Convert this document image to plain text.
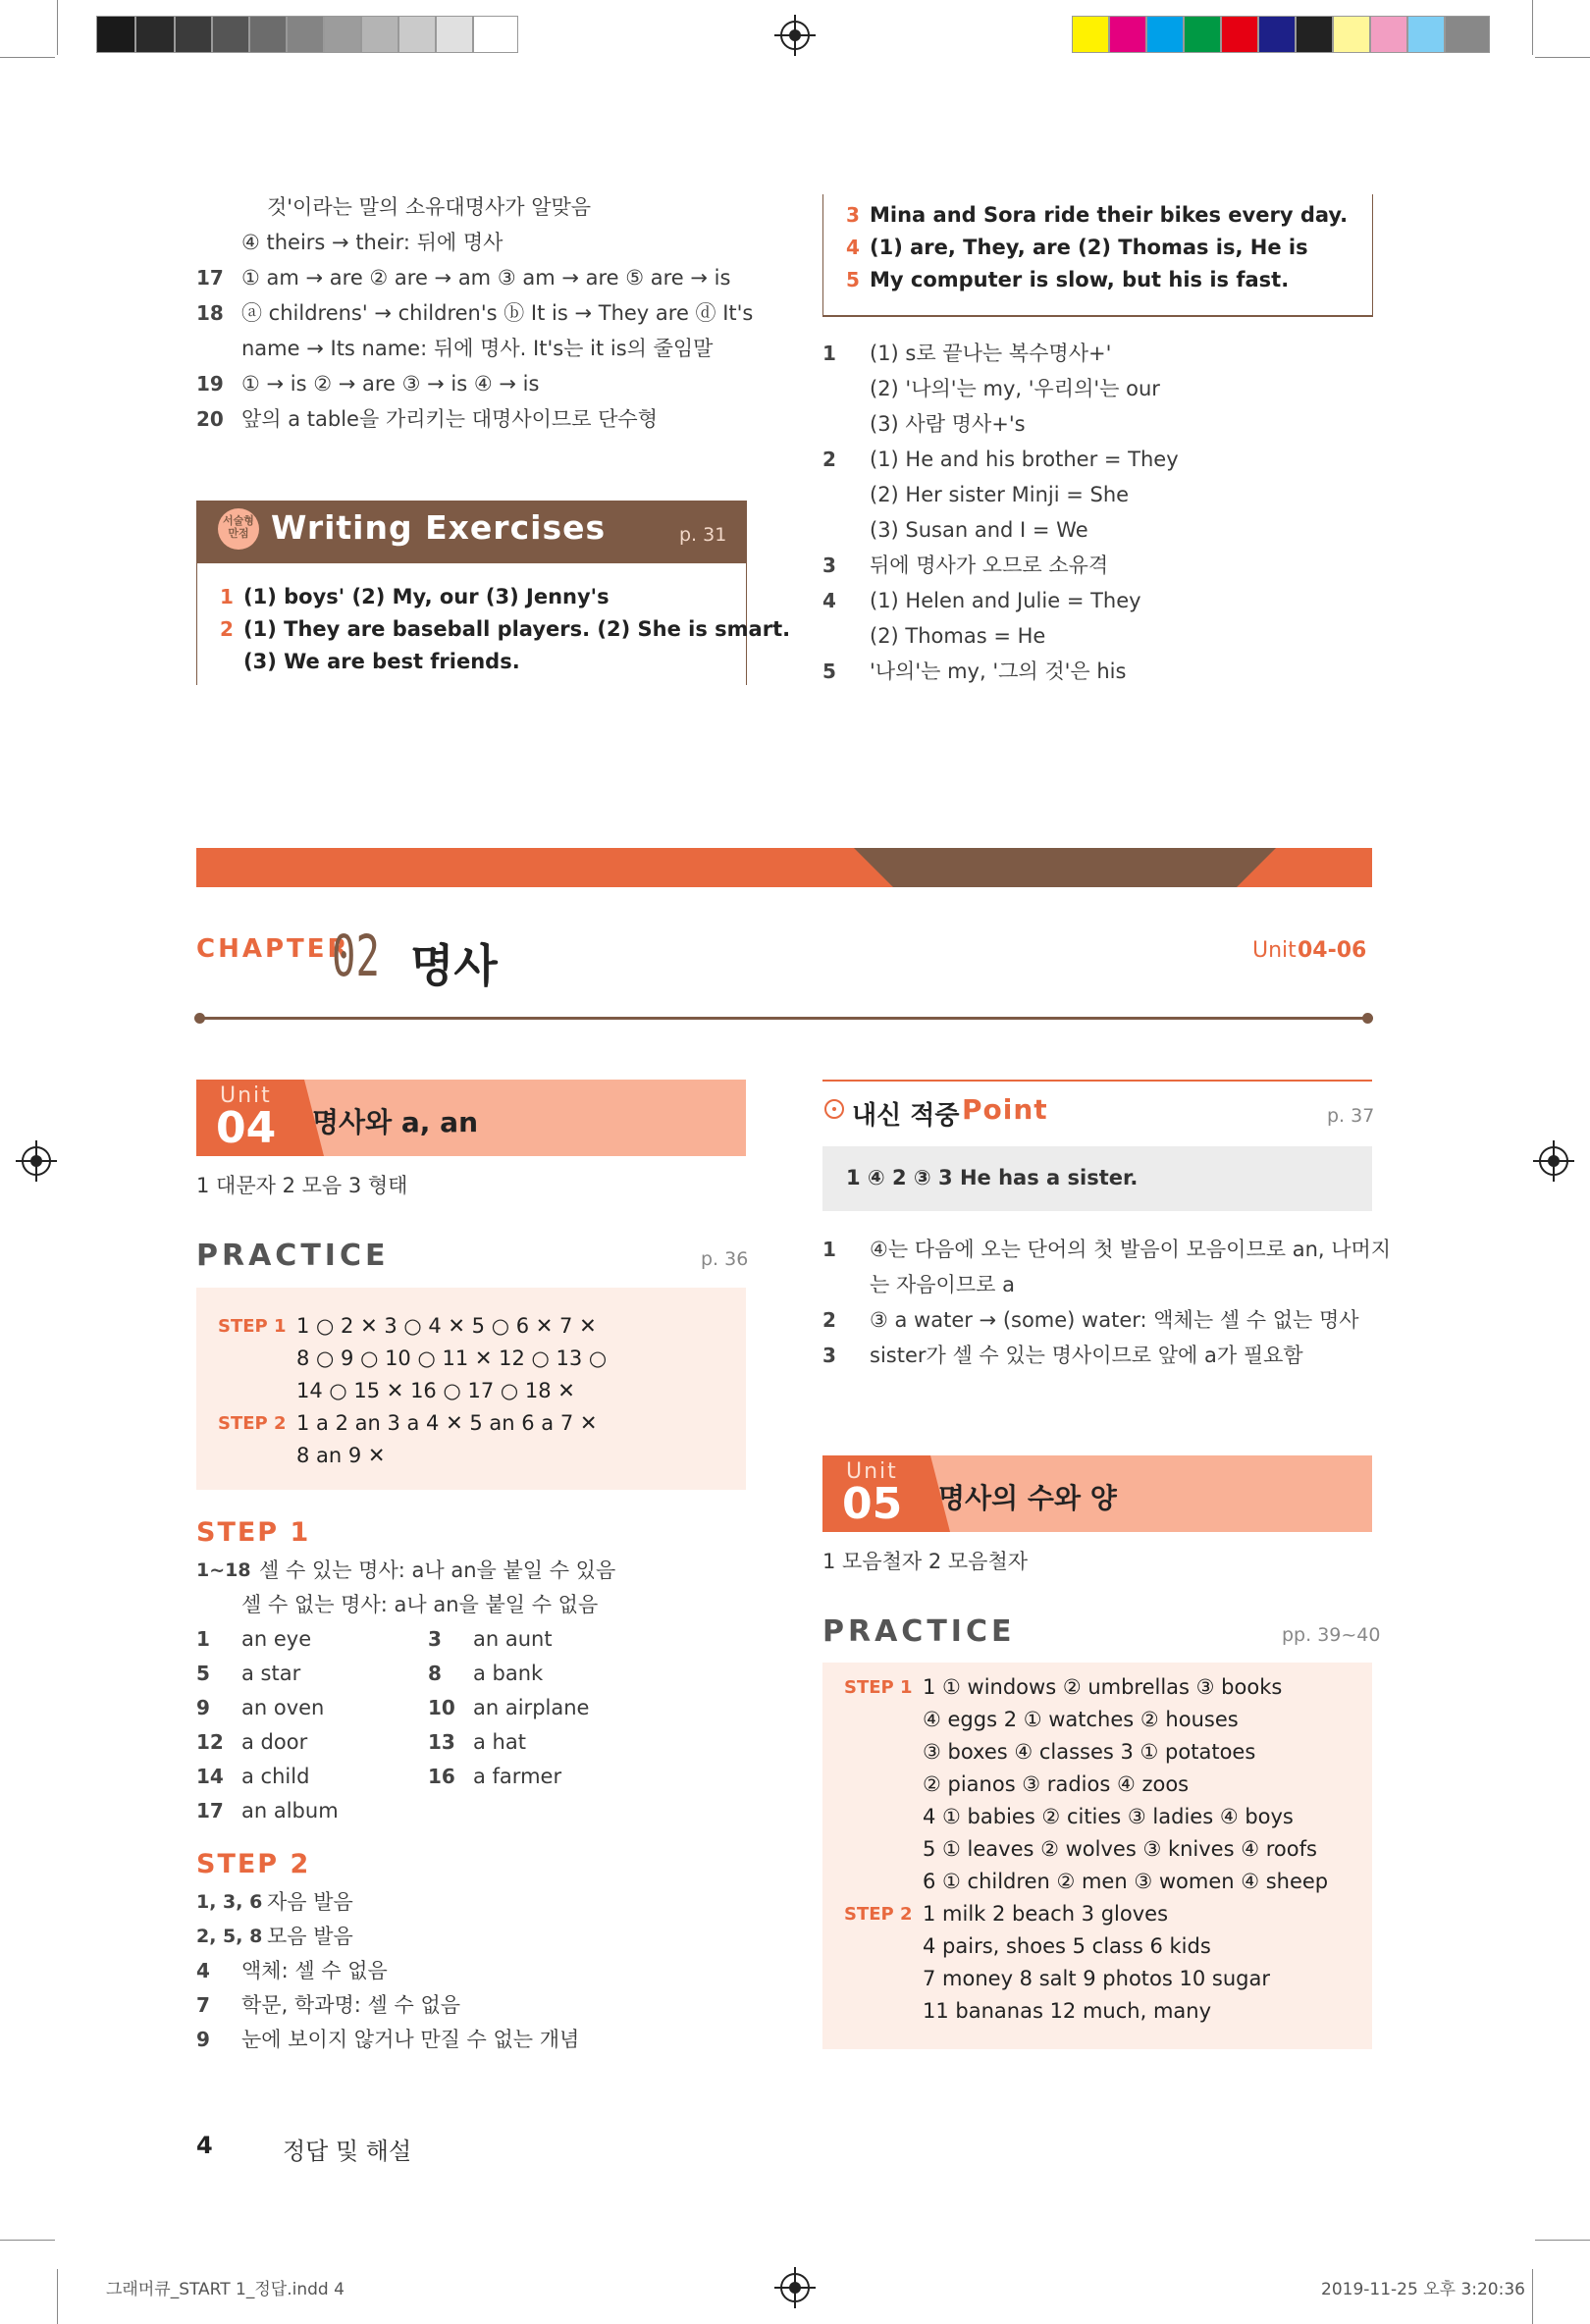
것'이라는 말의 소유대명사가 알맞음
④ theirs → their: 뒤에 명사
17 ① am → are ② are → am ③ am → are ⑤ are → is
18 ⓐ childrens' → children's ⓑ It is → They are ⓓ It's
name → Its name: 뒤에 명사. It's는 it is의 줄임말
19 ① → is ② → are ③ → is ④ → is
20 앞의 a table을 가리키는 대명사이므로 단수형
서술형 만점 Writing Exercises	p. 31
1 (1) boys' (2) My, our (3) Jenny's
2 (1) They are baseball players. (2) She is smart.
(3) We are best friends.
3 Mina and Sora ride their bikes every day.
4 (1) are, They, are (2) Thomas is, He is
5 My computer is slow, but his is fast.
1 (1) s로 끝나는 복수명사+'
(2) '나의'는 my, '우리의'는 our
(3) 사람 명사+'s
2 (1) He and his brother = They
(2) Her sister Minji = She
(3) Susan and I = We
3 뒤에 명사가 오므로 소유격
4 (1) Helen and Julie = They
(2) Thomas = He
5 '나의'는 my, '그의 것'은 his
CHAPTER
02 명사	Unit 04-06
Unit
04 명사와 a, an
1 대문자 2 모음 3 형태
PRACTICE	p. 36
STEP 1 1 ○ 2 ✕ 3 ○ 4 ✕ 5 ○ 6 ✕ 7 ✕
8 ○ 9 ○ 10 ○ 11 ✕ 12 ○ 13 ○
14 ○ 15 ✕ 16 ○ 17 ○ 18 ✕
STEP 2 1 a 2 an 3 a 4 ✕ 5 an 6 a 7 ✕
8 an 9 ✕
STEP 1
1~18 셀 수 있는 명사: a나 an을 붙일 수 있음
셀 수 없는 명사: a나 an을 붙일 수 없음
1 an eye	3 an aunt
5 a star	8 a bank
9 an oven	10 an airplane
12 a door	13 a hat
14 a child	16 a farmer
17 an album
STEP 2
1, 3, 6 자음 발음
2, 5, 8 모음 발음
4 액체: 셀 수 없음
7 학문, 학과명: 셀 수 없음
9 눈에 보이지 않거나 만질 수 없는 개념
내신 적중 Point	p. 37
1 ④ 2 ③ 3 He has a sister.
1 ④는 다음에 오는 단어의 첫 발음이 모음이므로 an, 나머지
는 자음이므로 a
2 ③ a water → (some) water: 액체는 셀 수 없는 명사
3 sister가 셀 수 있는 명사이므로 앞에 a가 필요함
Unit
05 명사의 수와 양
1 모음철자 2 모음철자
PRACTICE	pp. 39~40
STEP 1 1 ① windows ② umbrellas ③ books
④ eggs 2 ① watches ② houses
③ boxes ④ classes 3 ① potatoes
② pianos ③ radios ④ zoos
4 ① babies ② cities ③ ladies ④ boys
5 ① leaves ② wolves ③ knives ④ roofs
6 ① children ② men ③ women ④ sheep
STEP 2 1 milk 2 beach 3 gloves
4 pairs, shoes 5 class 6 kids
7 money 8 salt 9 photos 10 sugar
11 bananas 12 much, many
4	정답 및 해설
그래머큐_START 1_정답.indd 4	2019-11-25 오후 3:20:36
